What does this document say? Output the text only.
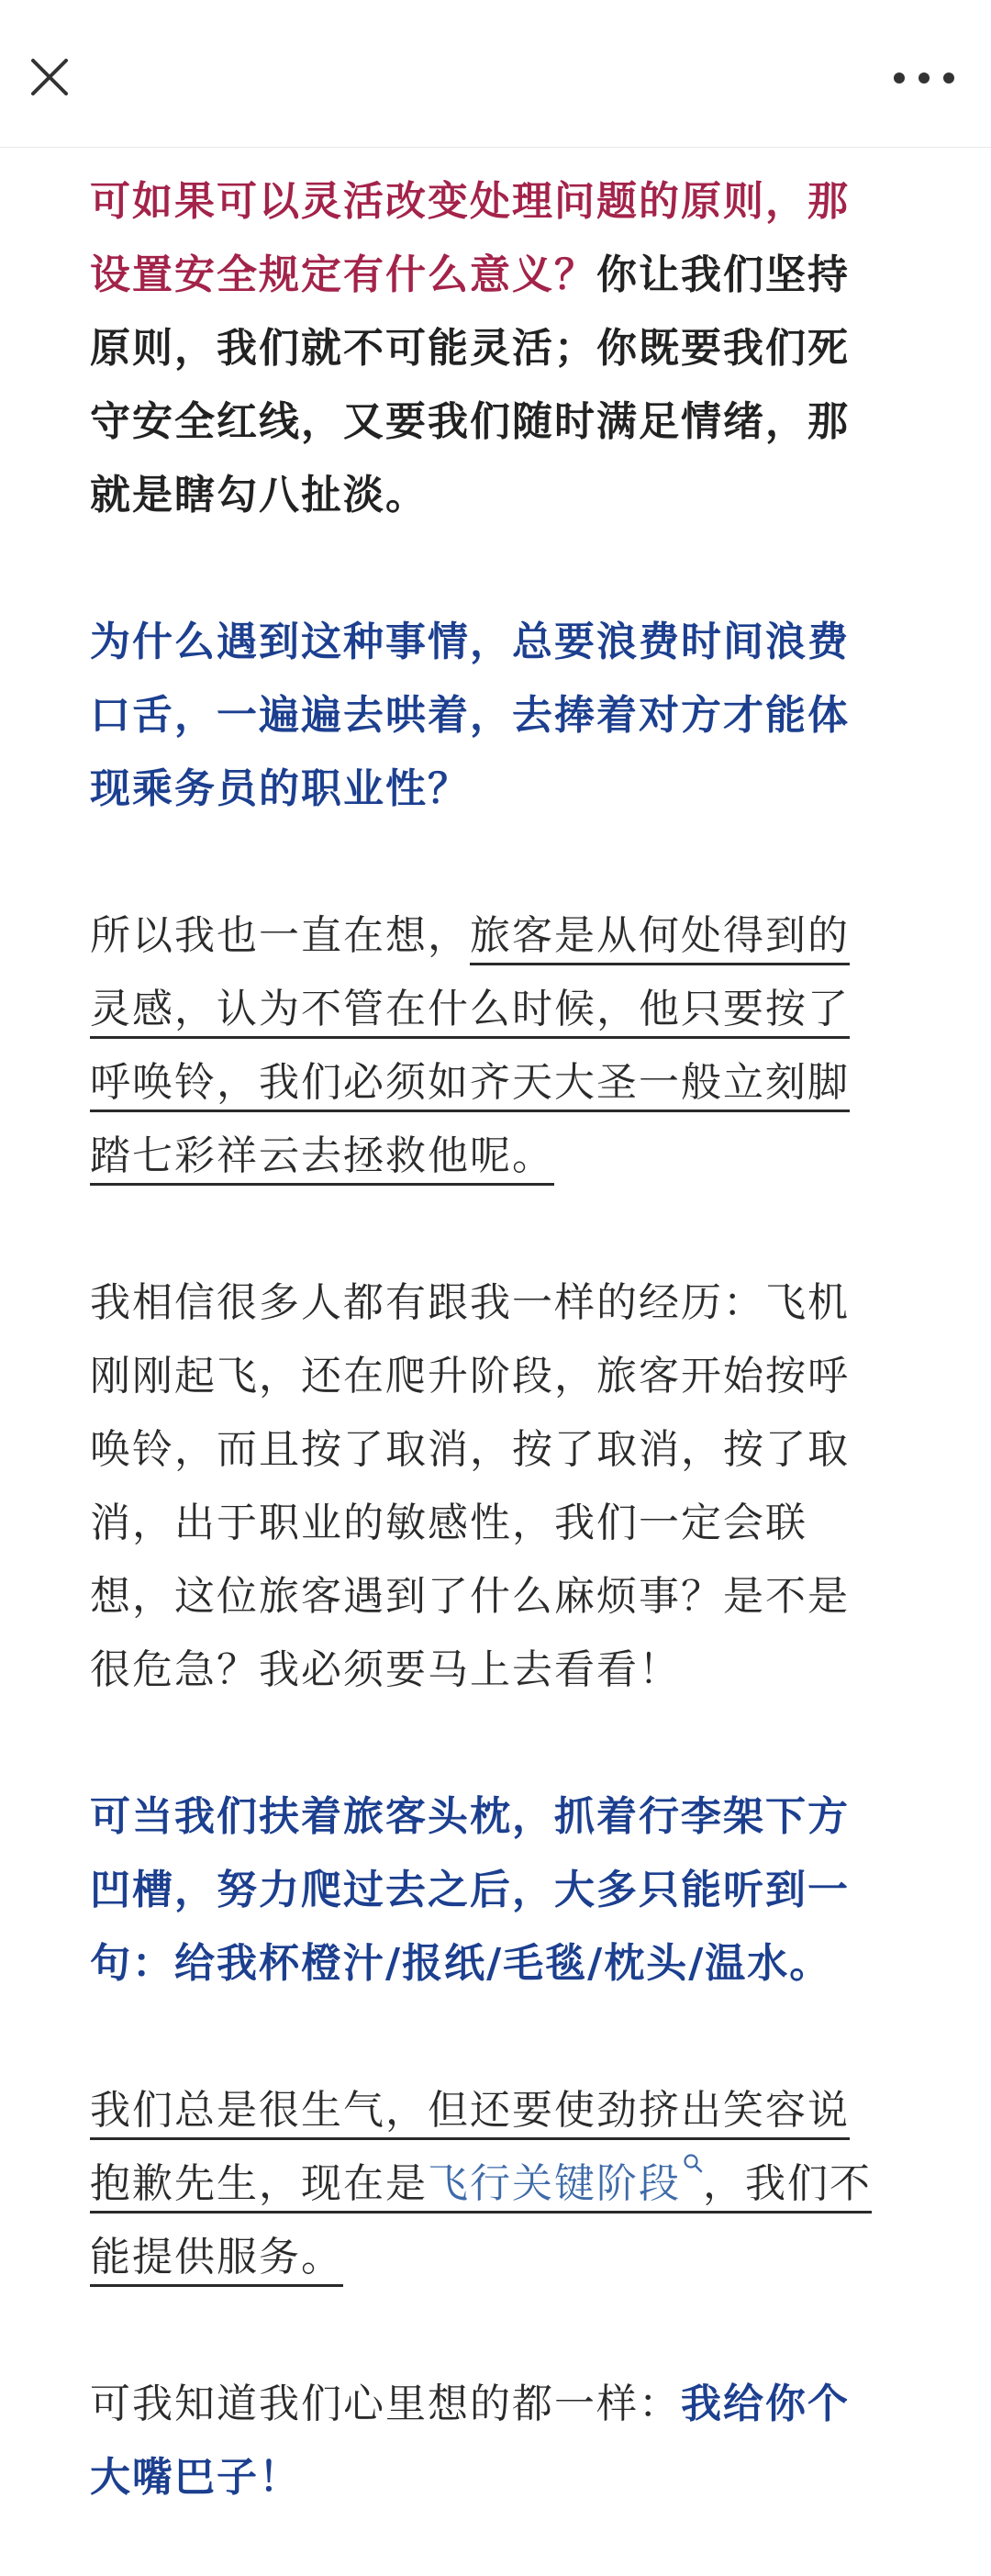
可如果可以灵活改变处理问题的原则，那
设置安全规定有什么意义？你让我们坚持
原则，我们就不可能灵活；你既要我们死
守安全红线，又要我们随时满足情绪，那
就是瞎勾八扯淡。
为什么遇到这种事情，总要浪费时间浪费
口舌，一遍遍去哄着，去捧着对方才能体
现乘务员的职业性？
所以我也一直在想，旅客是从何处得到的
灵感，认为不管在什么时候，他只要按了
呼唤铃，我们必须如齐天大圣一般立刻脚
踏七彩祥云去拯救他呢。
我相信很多人都有跟我一样的经历：飞机
刚刚起飞，还在爬升阶段，旅客开始按呼
唤铃，而且按了取消，按了取消，按了取
消，出于职业的敏感性，我们一定会联
想，这位旅客遇到了什么麻烦事？是不是
很危急？我必须要马上去看看！
可当我们扶着旅客头枕，抓着行李架下方
凹槽，努力爬过去之后，大多只能听到一
句：给我杯橙汁/报纸/毛毯/枕头/温水。
我们总是很生气，但还要使劲挤出笑容说
抱歉先生，现在是飞行关键阶段 ，我们不
能提供服务。
可我知道我们心里想的都一样：我给你个
大嘴巴子！
